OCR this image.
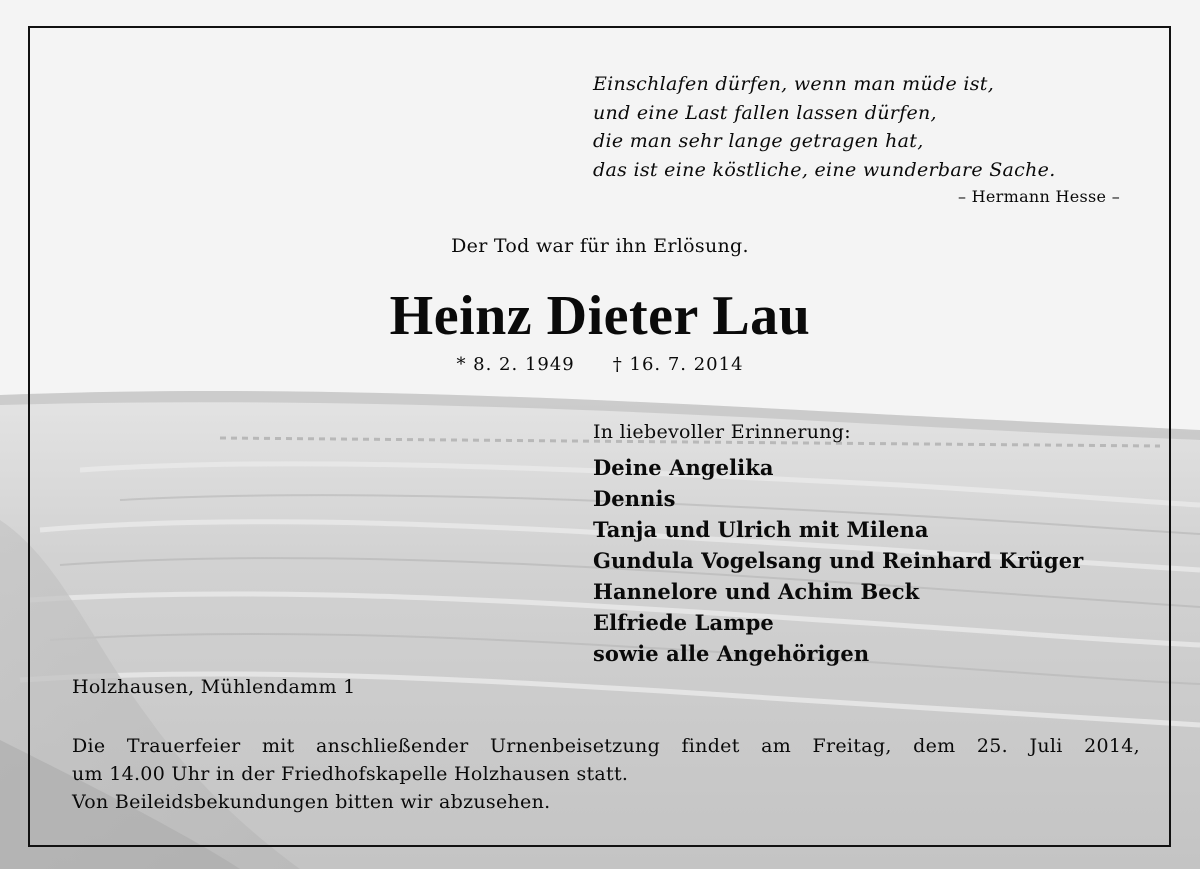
Einschlafen dürfen, wenn man müde ist,
und eine Last fallen lassen dürfen,
die man sehr lange getragen hat,
das ist eine köstliche, eine wunderbare Sache.
– Hermann Hesse –
Der Tod war für ihn Erlösung.
Heinz Dieter Lau
* 8. 2. 1949 † 16. 7. 2014
In liebevoller Erinnerung:
Deine Angelika
Dennis
Tanja und Ulrich mit Milena
Gundula Vogelsang und Reinhard Krüger
Hannelore und Achim Beck
Elfriede Lampe
sowie alle Angehörigen
Holzhausen, Mühlendamm 1
Die Trauerfeier mit anschließender Urnenbeisetzung findet am Freitag, dem 25. Juli 2014,
um 14.00 Uhr in der Friedhofskapelle Holzhausen statt.
Von Beileidsbekundungen bitten wir abzusehen.
